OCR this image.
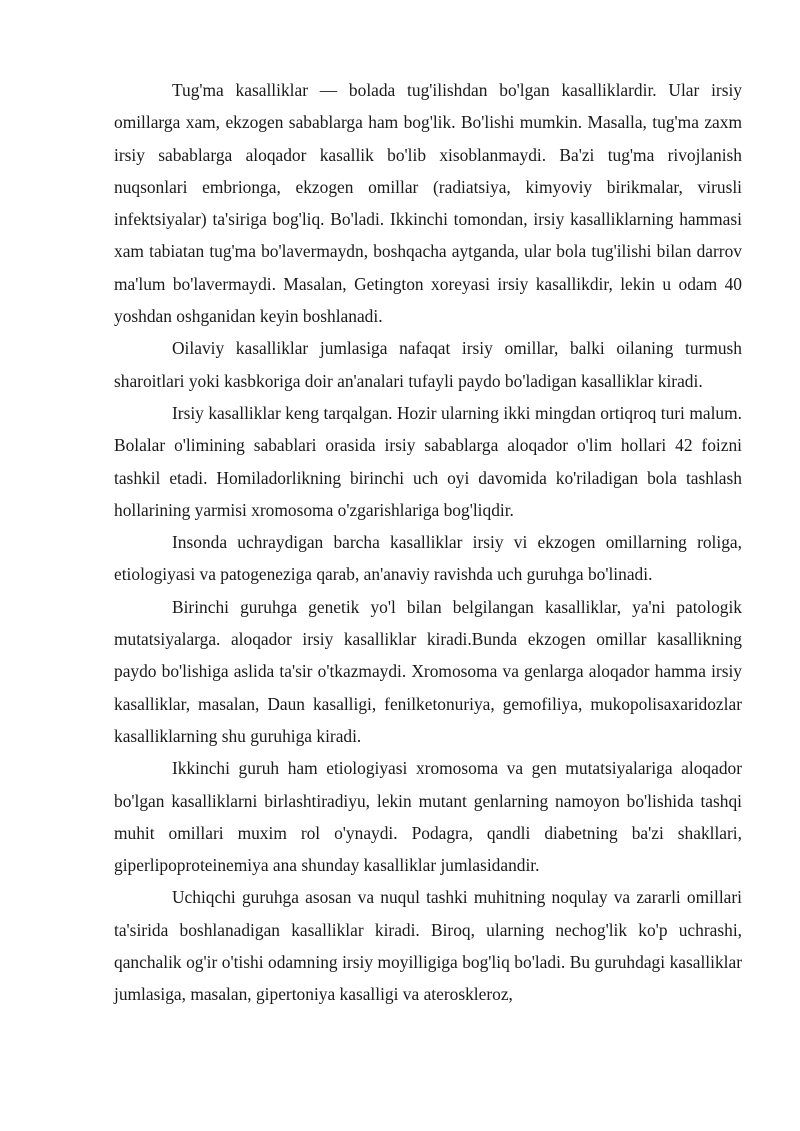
Tug'ma kasalliklar — bolada tug'ilishdan bo'lgan kasalliklardir. Ular irsiy omillarga xam, ekzogen sabablarga ham bog'lik. Bo'lishi mumkin. Masalla, tug'ma zaxm irsiy sabablarga aloqador kasallik bo'lib xisoblanmaydi. Ba'zi tug'ma rivojlanish nuqsonlari embrionga, ekzogen omillar (radiatsiya, kimyoviy birikmalar, virusli infektsiyalar) ta'siriga bog'liq. Bo'ladi. Ikkinchi tomondan, irsiy kasalliklarning hammasi xam tabiatan tug'ma bo'lavermaydn, boshqacha aytganda, ular bola tug'ilishi bilan darrov ma'lum bo'lavermaydi. Masalan, Getington xoreyasi irsiy kasallikdir, lekin u odam 40 yoshdan oshganidan keyin boshlanadi.

Oilaviy kasalliklar jumlasiga nafaqat irsiy omillar, balki oilaning turmush sharoitlari yoki kasbkoriga doir an'analari tufayli paydo bo'ladigan kasalliklar kiradi.

Irsiy kasalliklar keng tarqalgan. Hozir ularning ikki mingdan ortiqroq turi malum. Bolalar o'limining sabablari orasida irsiy sabablarga aloqador o'lim hollari 42 foizni tashkil etadi. Homiladorlikning birinchi uch oyi davomida ko'riladigan bola tashlash hollarining yarmisi xromosoma o'zgarishlariga bog'liqdir.

Insonda uchraydigan barcha kasalliklar irsiy vi ekzogen omillarning roliga, etiologiyasi va patogeneziga qarab, an'anaviy ravishda uch guruhga bo'linadi.

Birinchi guruhga genetik yo'l bilan belgilangan kasalliklar, ya'ni patologik mutatsiyalarga. aloqador irsiy kasalliklar kiradi.Bunda ekzogen omillar kasallikning paydo bo'lishiga aslida ta'sir o'tkazmaydi. Xromosoma va genlarga aloqador hamma irsiy kasalliklar, masalan, Daun kasalligi, fenilketonuriya, gemofiliya, mukopolisaxaridozlar kasalliklarning shu guruhiga kiradi.

Ikkinchi guruh ham etiologiyasi xromosoma va gen mutatsiyalariga aloqador bo'lgan kasalliklarni birlashtiradiyu, lekin mutant genlarning namoyon bo'lishida tashqi muhit omillari muxim rol o'ynaydi. Podagra, qandli diabetning ba'zi shakllari, giperlipoproteinemiya ana shunday kasalliklar jumlasidandir.

Uchiqchi guruhga asosan va nuqul tashki muhitning noqulay va zararli omillari ta'sirida boshlanadigan kasalliklar kiradi. Biroq, ularning nechog'lik ko'p uchrashi, qanchalik og'ir o'tishi odamning irsiy moyilligiga bog'liq bo'ladi. Bu guruhdagi kasalliklar jumlasiga, masalan, gipertoniya kasalligi va ateroskleroz,
